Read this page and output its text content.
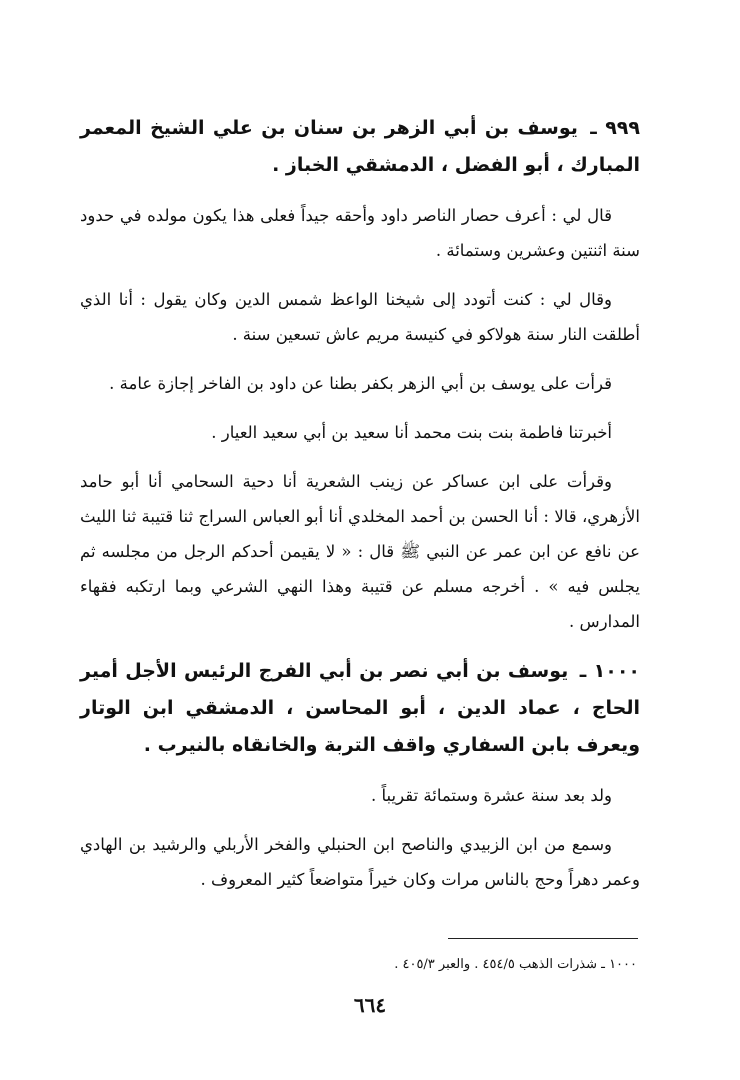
٩٩٩ ـ يوسف بن أبي الزهر بن سنان بن علي الشيخ المعمر المبارك ، أبو الفضل ، الدمشقي الخباز .

قال لي : أعرف حصار الناصر داود وأحقه جيداً فعلى هذا يكون مولده في حدود سنة اثنتين وعشرين وستمائة .

وقال لي : كنت أتودد إلى شيخنا الواعظ شمس الدين وكان يقول : أنا الذي أطلقت النار سنة هولاكو في كنيسة مريم عاش تسعين سنة .

قرأت على يوسف بن أبي الزهر بكفر بطنا عن داود بن الفاخر إجازة عامة .

أخبرتنا فاطمة بنت بنت محمد أنا سعيد بن أبي سعيد العيار .

وقرأت على ابن عساكر عن زينب الشعرية أنا دحية السحامي أنا أبو حامد الأزهري، قالا : أنا الحسن بن أحمد المخلدي أنا أبو العباس السراج ثنا قتيبة ثنا الليث عن نافع عن ابن عمر عن النبي ﷺ قال : « لا يقيمن أحدكم الرجل من مجلسه ثم يجلس فيه » . أخرجه مسلم عن قتيبة وهذا النهي الشرعي وبما ارتكبه فقهاء المدارس .

١٠٠٠ ـ يوسف بن أبي نصر بن أبي الفرج الرئيس الأجل أمير الحاج ، عماد الدين ، أبو المحاسن ، الدمشقي ابن الوتار ويعرف بابن السفاري واقف التربة والخانقاه بالنيرب .

ولد بعد سنة عشرة وستمائة تقريباً .

وسمع من ابن الزبيدي والناصح ابن الحنبلي والفخر الأربلي والرشيد بن الهادي وعمر دهراً وحج بالناس مرات وكان خيراً متواضعاً كثير المعروف .

١٠٠٠ ـ شذرات الذهب ٤٥٤/٥ . والعبر ٤٠٥/٣ .
٦٦٤
